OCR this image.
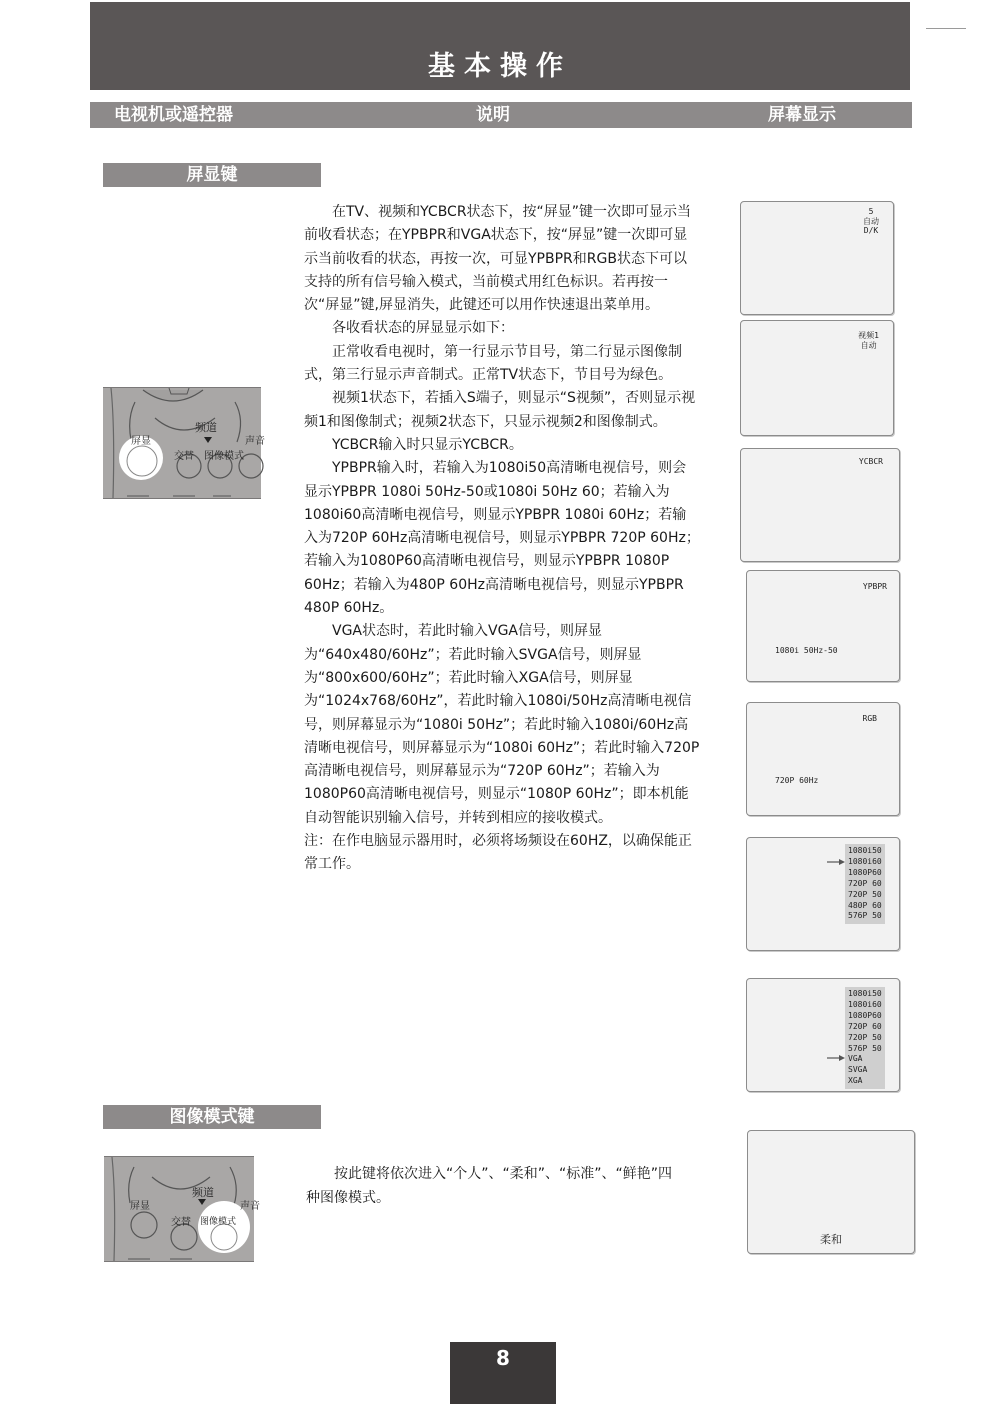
基本操作
电视机或遥控器	说明	屏幕显示
屏显键
频道
屏显	声音
交替 图像模式

在TV、视频和YCBCR状态下，按“屏显”键一次即可显示当前收看状态；在YPBPR和VGA状态下，按“屏显”键一次即可显示当前收看的状态，再按一次，可显YPBPR和RGB状态下可以支持的所有信号输入模式，当前模式用红色标识。若再按一次“屏显”键,屏显消失，此键还可以用作快速退出菜单用。

各收看状态的屏显显示如下：

正常收看电视时，第一行显示节目号，第二行显示图像制式，第三行显示声音制式。正常TV状态下，节目号为绿色。

视频1状态下，若插入S端子，则显示“S视频”，否则显示视频1和图像制式；视频2状态下，只显示视频2和图像制式。

YCBCR输入时只显示YCBCR。

YPBPR输入时，若输入为1080i50高清晰电视信号，则会显示YPBPR 1080i 50Hz-50或1080i 50Hz 60；若输入为1080i60高清晰电视信号，则显示YPBPR 1080i 60Hz；若输入为720P 60Hz高清晰电视信号，则显示YPBPR 720P 60Hz；若输入为1080P60高清晰电视信号，则显示YPBPR 1080P 60Hz；若输入为480P 60Hz高清晰电视信号，则显示YPBPR 480P 60Hz。

VGA状态时，若此时输入VGA信号，则屏显为“640x480/60Hz”；若此时输入SVGA信号，则屏显为“800x600/60Hz”；若此时输入XGA信号，则屏显为“1024x768/60Hz”，若此时输入1080i/50Hz高清晰电视信号，则屏幕显示为“1080i 50Hz”；若此时输入1080i/60Hz高清晰电视信号，则屏幕显示为“1080i 60Hz”；若此时输入720P高清晰电视信号，则屏幕显示为“720P 60Hz”；若输入为1080P60高清晰电视信号，则显示“1080P 60Hz”；即本机能自动智能识别输入信号，并转到相应的接收模式。

注：在作电脑显示器用时，必须将场频设在60HZ，以确保能正常工作。

5
自动
D/K
视频1
自动
YCBCR
YPBPR
1080i 50Hz-50
RGB
720P 60Hz
1080i50
1080i60
1080P60
720P 60
720P 50
480P 60
576P 50
1080i50
1080i60
1080P60
720P 60
720P 50
576P 50
VGA
SVGA
XGA
图像模式键
频道
屏显	声音
交替 图像模式

按此键将依次进入“个人”、“柔和”、“标准”、“鲜艳”四种图像模式。

柔和
8
